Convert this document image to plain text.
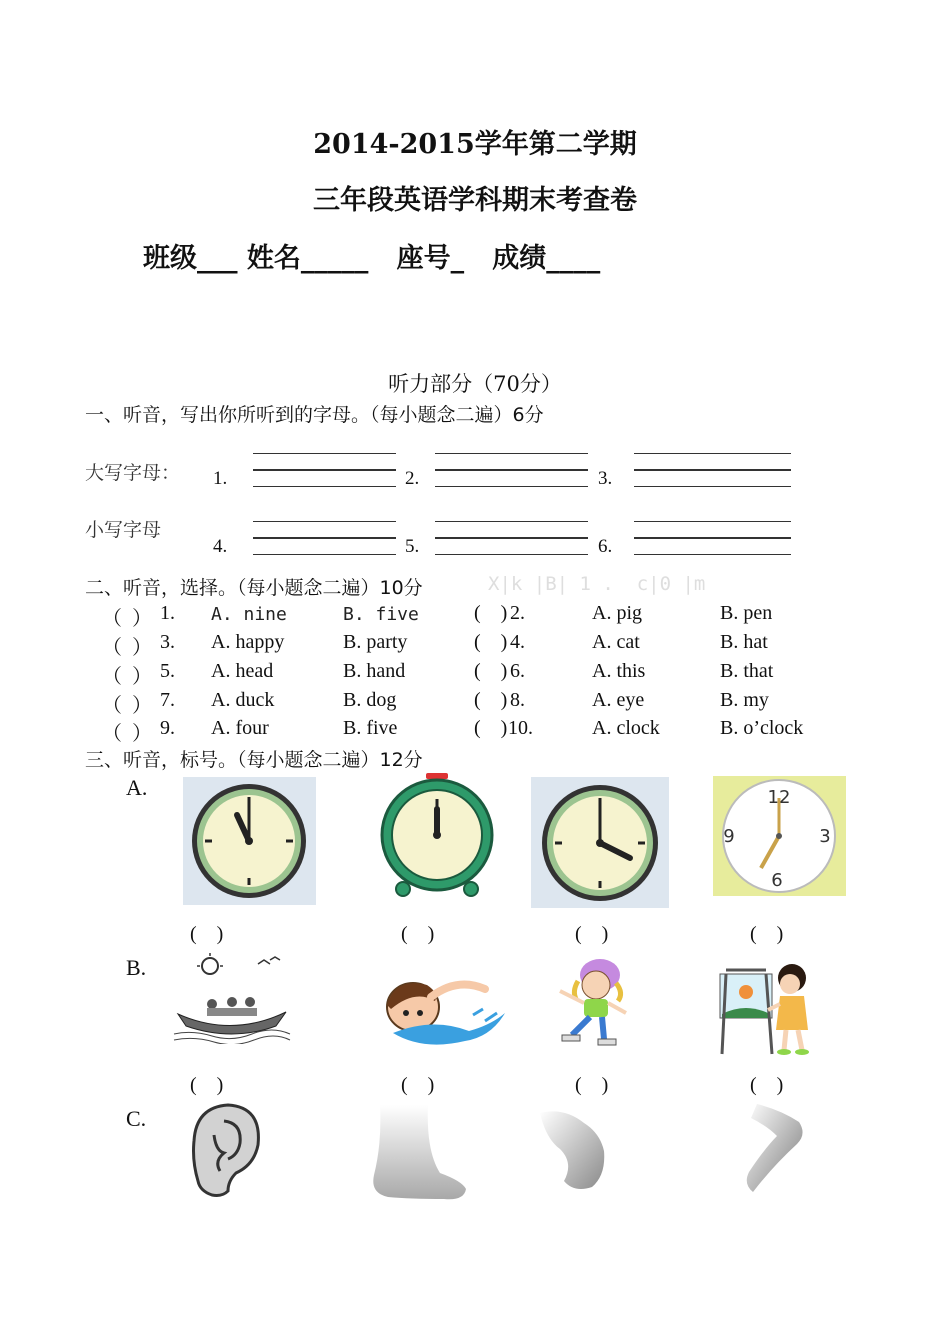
2014-2015学年第二学期
三年段英语学科期末考查卷
班级___ 姓名_____   座号_   成绩____
听力部分（70分）
一、听音，写出你所听到的字母。（每小题念二遍）6分
大写字母：
小写字母
1.	2.	3.
4.	5.	6.
二、听音，选择。（每小题念二遍）10分	X|k |B| 1 .  c|0 |m
（  ） 1. A. nine	B. five	(    ) 2.	A. pig	B. pen
（  ） 3. A. happy	B. party	(    ) 4.	A. cat	B. hat
（  ） 5. A. head	B. hand	(    ) 6.	A. this	B. that
（  ） 7. A. duck	B. dog	(    ) 8.	A. eye	B. my
（  ） 9. A. four	B. five	(    ) 10.	A. clock	B. o’clock
三、听音，标号。（每小题念二遍）12分
A.
B.
C.
12
3
6
9
(    )	(    )	(    )	(    )
(    )	(    )	(    )	(    )
